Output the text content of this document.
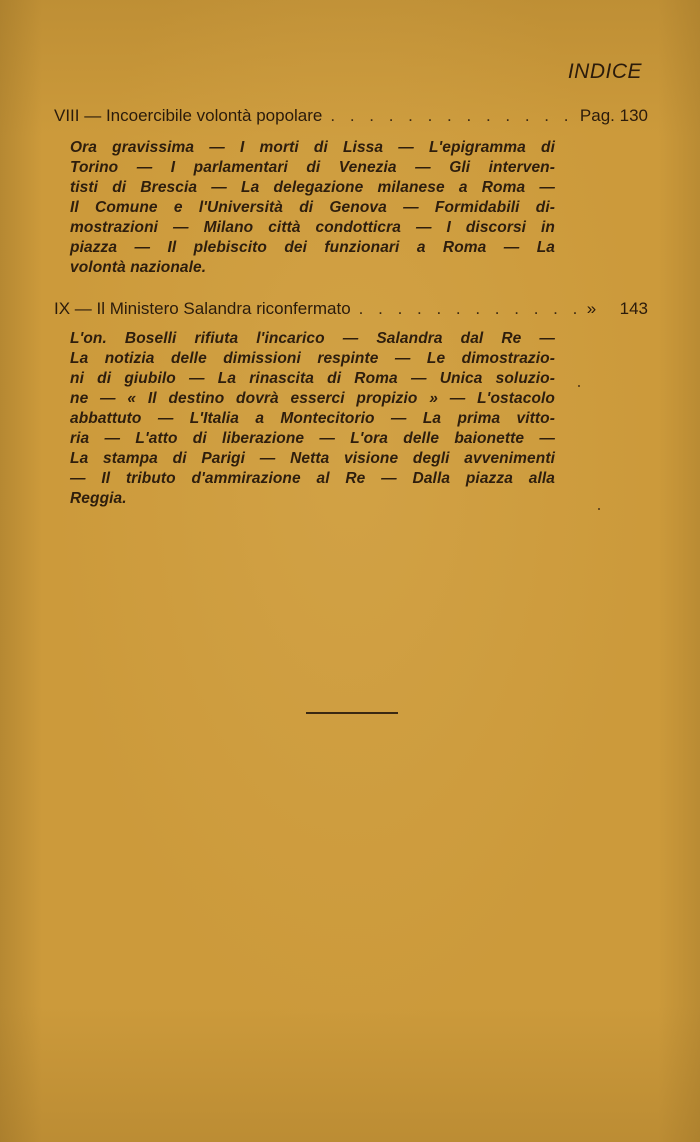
INDICE
VIII — Incoercibile volontà popolare . . .	Pag. 130
Ora gravissima — I morti di Lissa — L'epigramma di
Torino — I parlamentari di Venezia — Gli interven-
tisti di Brescia — La delegazione milanese a Roma —
Il Comune e l'Università di Genova — Formidabili di-
mostrazioni — Milano città condotticra — I discorsi in
piazza — Il plebiscito dei funzionari a Roma — La
volontà nazionale.
IX — Il Ministero Salandra riconfermato . . .	» 143
L'on. Boselli rifiuta l'incarico — Salandra dal Re —
La notizia delle dimissioni respinte — Le dimostrazio-
ni di giubilo — La rinascita di Roma — Unica soluzio-
ne — « Il destino dovrà esserci propizio » — L'ostacolo
abbattuto — L'Italia a Montecitorio — La prima vitto-
ria — L'atto di liberazione — L'ora delle baionette —
La stampa di Parigi — Netta visione degli avvenimenti
— Il tributo d'ammirazione al Re — Dalla piazza alla
Reggia.
